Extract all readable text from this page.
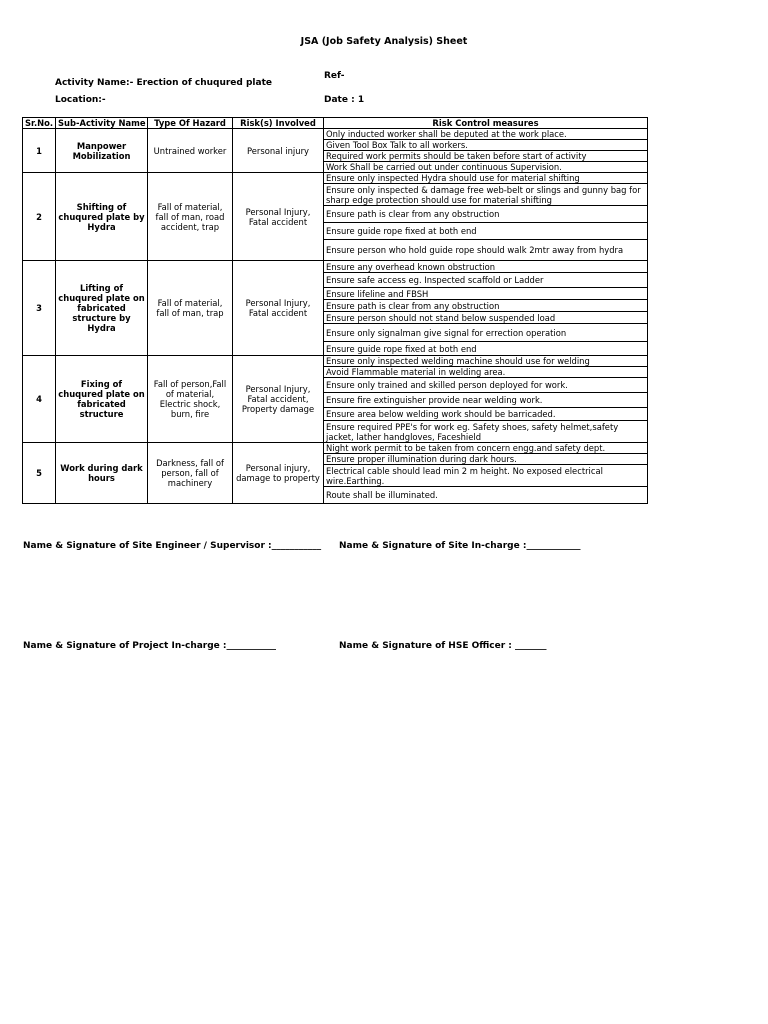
JSA (Job Safety Analysis) Sheet
Activity Name:- Erection of chuqured plate
Location:-
Ref-
Date : 1
Sr.No.	Sub-Activity Name	Type Of Hazard	Risk(s) Involved	Risk Control measures
1	Manpower Mobilization	Untrained worker	Personal injury	Only inducted worker shall be deputed at the work place.
				Given Tool Box Talk to all workers.
				Required work permits should be taken before start of activity
				Work Shall be carried out under continuous Supervision.
2	Shifting of chuqured plate by Hydra	Fall of material, fall of man, road accident, trap	Personal Injury, Fatal accident	Ensure only inspected Hydra should use for material shifting
				Ensure only inspected & damage free web-belt or slings and gunny bag for sharp edge protection should use for material shifting
				Ensure path is clear from any obstruction
				Ensure guide rope fixed at both end
				Ensure person who hold guide rope should walk 2mtr away from hydra
3	Lifting of chuqured plate on fabricated structure by Hydra	Fall of material, fall of man, trap	Personal Injury, Fatal accident	Ensure any overhead known obstruction
				Ensure safe access eg. Inspected scaffold or Ladder
				Ensure lifeline and FBSH
				Ensure path is clear from any obstruction
				Ensure person should not stand below suspended load
				Ensure only signalman give signal for errection operation
				Ensure guide rope fixed at both end
4	Fixing of chuqured plate on fabricated structure	Fall of person,Fall of material, Electric shock, burn, fire	Personal Injury, Fatal accident, Property damage	Ensure only inspected welding machine should use for welding
				Avoid Flammable material in welding area.
				Ensure only trained and skilled person deployed for work.
				Ensure fire extinguisher provide near welding work.
				Ensure area below welding work should be barricaded.
				Ensure required PPE's for work eg. Safety shoes, safety helmet,safety jacket, lather handgloves, Faceshield
5	Work during dark hours	Darkness, fall of person, fall of machinery	Personal injury, damage to property	Night work permit to be taken from concern engg.and safety dept.
				Ensure proper illumination during dark hours.
				Electrical cable should lead min 2 m height. No exposed electrical wire.Earthing.
				Route shall be illuminated.
Name & Signature of Site Engineer / Supervisor :___________ Name & Signature of Site In-charge :____________
Name & Signature of Project In-charge :___________	Name & Signature of HSE Officer : _______
